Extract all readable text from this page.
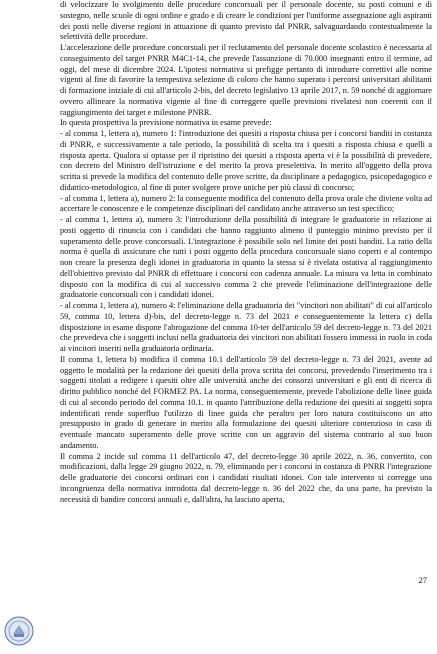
di velocizzare lo svolgimento delle procedure concorsuali per il personale docente, su posti comuni e di sostegno, nelle scuole di ogni ordine e grado e di creare le condizioni per l'uniforme assegnazione agli aspiranti dei posti nelle diverse regioni in attuazione di quanto previsto dal PNRR, salvaguardando contestualmente la selettività delle procedure.

L'accelerazione delle procedure concorsuali per il reclutamento del personale docente scolastico è necessaria al conseguimento del target PNRR M4C1-14, che prevede l'assunzione di 70.000 insegnanti entro il termine, ad oggi, del mese di dicembre 2024. L'ipotesi normativa si prefigge pertanto di introdurre correttivi alle norme vigenti al fine di favorire la tempestiva selezione di coloro che hanno superato i percorsi universitari abilitanti di formazione iniziale di cui all'articolo 2-bis, del decreto legislativo 13 aprile 2017, n. 59 nonché di aggiornare ovvero allineare la normativa vigente al fine di correggere quelle previsioni rivelatesi non coerenti con il raggiungimento dei target e milestone PNRR.

In questa prospettiva la previsione normativa in esame prevede:

- al comma 1, lettera a), numero 1: l'introduzione dei quesiti a risposta chiusa per i concorsi banditi in costanza di PNRR, e successivamente a tale periodo, la possibilità di scelta tra i quesiti a risposta chiusa e quelli a risposta aperta. Qualora si optasse per il ripristino dei quesiti a risposta aperta vi è la possibilità di prevedere, con decreto del Ministro dell'istruzione e del merito la prova preselettiva. In merito all'oggetto della prova scritta si prevede la modifica del contenuto delle prove scritte, da disciplinare a pedagogico, psicopedagogico e didattico-metodologico, al fine di poter svolgere prove uniche per più classi di concorso;

- al comma 1, lettera a), numero 2: la conseguente modifica del contenuto della prova orale che diviene volta ad accertare le conoscenze e le competenze disciplinari del candidato anche attraverso un test specifico;

- al comma 1, lettera a), numero 3: l'introduzione della possibilità di integrare le graduatorie in relazione ai posti oggetto di rinuncia con i candidati che hanno raggiunto almeno il punteggio minimo previsto per il superamento delle prove concorsuali. L'integrazione è possibile solo nel limite dei posti banditi. La ratio della norma è quella di assicurare che tutti i posti oggetto della procedura concorsuale siano coperti e al contempo non creare la presenza degli idonei in graduatoria in quanto la stessa si è rivelata ostativa al raggiungimento dell'obiettivo previsto dal PNRR di effettuare i concorsi con cadenza annuale. La misura va letta in combinato disposto con la modifica di cui al successivo comma 2 che prevede l'eliminazione dell'integrazione delle graduatorie concorsuali con i candidati idonei.

- al comma 1, lettera a), numero 4: l'eliminazione della graduatoria dei "vincitori non abilitati" di cui all'articolo 59, comma 10, lettera d)-bis, del decreto-legge n. 73 del 2021 e conseguentemente la lettera c) della disposizione in esame dispone l'abrogazione del comma 10-ter dell'articolo 59 del decreto-legge n. 73 del 2021 che prevedeva che i soggetti inclusi nella graduatoria dei vincitori non abilitati fossero immessi in ruolo in coda ai vincitori inseriti nella graduatoria ordinaria.

Il comma 1, lettera b) modifica il comma 10.1 dell'articolo 59 del decreto-legge n. 73 del 2021, avente ad oggetto le modalità per la redazione dei quesiti della prova scritta dei concorsi, prevedendo l'inserimento tra i soggetti titolati a redigere i quesiti oltre alle università anche dei consorzi universitari e gli enti di ricerca di diritto pubblico nonché del FORMEZ PA. La norma, conseguentemente, prevede l'abolizione delle linee guida di cui al secondo periodo del comma 10.1. in quanto l'attribuzione della redazione dei quesiti ai soggetti sopra indentificati rende superfluo l'utilizzo di linee guida che peraltro per loro natura costituiscono un atto presupposto in grado di generare in merito alla formulazione dei quesiti ulteriore contenzioso in caso di eventuale mancato superamento delle prove scritte con un aggravio del sistema contrario al suo buon andamento.

Il comma 2 incide sul comma 11 dell'articolo 47, del decreto-legge 30 aprile 2022, n. 36, convertito, con modificazioni, dalla legge 29 giugno 2022, n. 79, eliminando per i concorsi in costanza di PNRR l'integrazione delle graduatorie dei concorsi ordinari con i candidati risultati idonei. Con tale intervento si corregge una incongruenza della normativa introdotta dal decreto-legge n. 36 del 2022 che, da una parte, ha previsto la necessità di bandire concorsi annuali e, dall'altra, ha lasciato aperta,

27
